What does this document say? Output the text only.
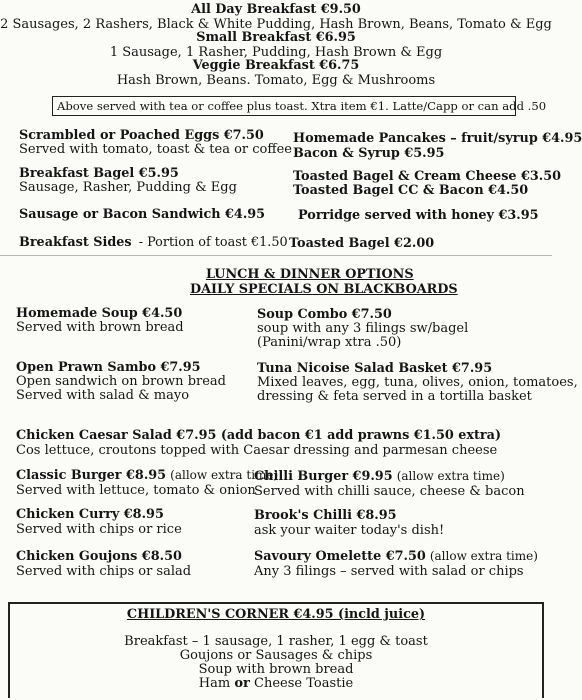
All Day Breakfast €9.50
2 Sausages, 2 Rashers, Black & White Pudding, Hash Brown, Beans, Tomato & Egg
Small Breakfast €6.95
1 Sausage, 1 Rasher, Pudding, Hash Brown & Egg
Veggie Breakfast €6.75
Hash Brown, Beans. Tomato, Egg & Mushrooms
Above served with tea or coffee plus toast. Xtra item €1. Latte/Capp or can add .50
Scrambled or Poached Eggs €7.50
Served with tomato, toast & tea or coffee
Homemade Pancakes – fruit/syrup €4.95
Bacon & Syrup €5.95
Breakfast Bagel €5.95
Sausage, Rasher, Pudding & Egg
Toasted Bagel & Cream Cheese €3.50
Toasted Bagel CC & Bacon €4.50
Sausage or Bacon Sandwich €4.95	Porridge served with honey €3.95
Breakfast Sides - Portion of toast €1.50 Toasted Bagel €2.00
LUNCH & DINNER OPTIONS
DAILY SPECIALS ON BLACKBOARDS
Homemade Soup €4.50
Served with brown bread
Soup Combo €7.50
soup with any 3 filings sw/bagel
(Panini/wrap xtra .50)
Open Prawn Sambo €7.95
Open sandwich on brown bread
Served with salad & mayo
Tuna Nicoise Salad Basket €7.95
Mixed leaves, egg, tuna, olives, onion, tomatoes,
dressing & feta served in a tortilla basket
Chicken Caesar Salad €7.95 (add bacon €1 add prawns €1.50 extra)
Cos lettuce, croutons topped with Caesar dressing and parmesan cheese
Classic Burger €8.95 (allow extra time)
Served with lettuce, tomato & onion
Chilli Burger €9.95 (allow extra time)
Served with chilli sauce, cheese & bacon
Chicken Curry €8.95
Served with chips or rice
Brook's Chilli €8.95
ask your waiter today's dish!
Chicken Goujons €8.50
Served with chips or salad
Savoury Omelette €7.50 (allow extra time)
Any 3 filings – served with salad or chips
CHILDREN'S CORNER €4.95 (incld juice)
Breakfast – 1 sausage, 1 rasher, 1 egg & toast
Goujons or Sausages & chips
Soup with brown bread
Ham or Cheese Toastie
